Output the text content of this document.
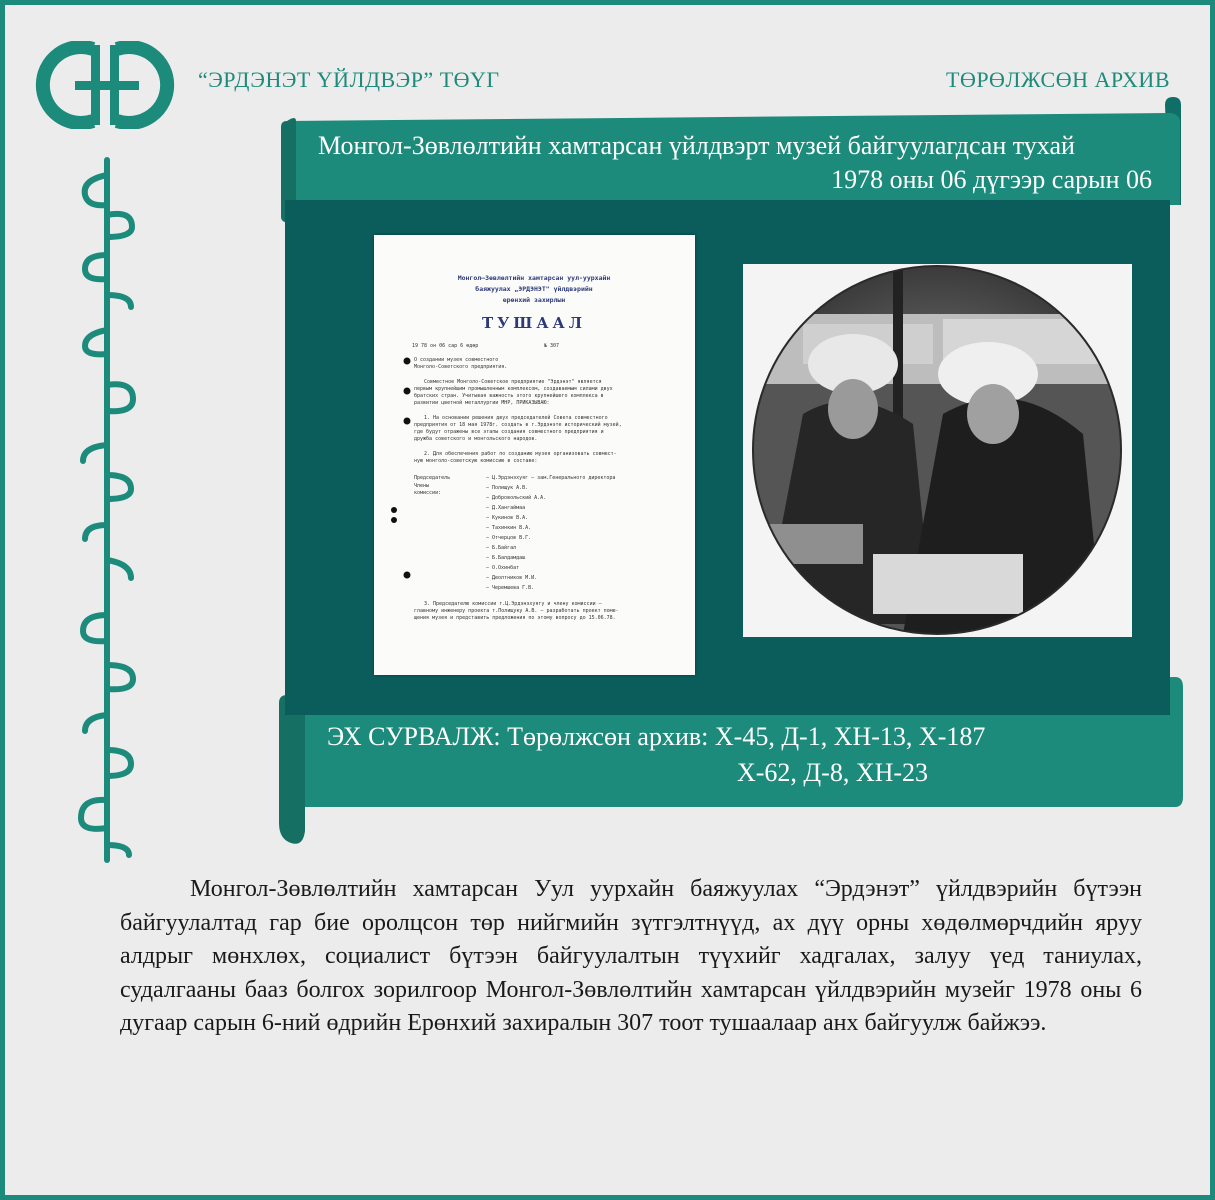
“ЭРДЭНЭТ ҮЙЛДВЭР” ТӨҮГ	ТӨРӨЛЖСӨН АРХИВ
Монгол-Зөвлөлтийн хамтарсан үйлдвэрт музей байгуулагдсан тухай
1978 оны 06 дүгээр сарын 06
Монгол—Зөвлөлтийн хамтарсан уул-уурхайн
баяжуулах „ЭРДЭНЭТ" үйлдвэрийн
ерөнхий захирлын
ТУШААЛ
19 78 он 06 сар 6 өдөр	№ 307
О создании музея совместного
Монголо-Советского предприятия.
Совместное Монголо-Советское предприятие "Эрдэнэт" является
первым крупнейшим промышленным комплексом, создаваемым силами двух
братских стран. Учитывая важность этого крупнейшего комплекса в
развитии цветной металлургии МНР, ПРИКАЗЫВАЮ:
1. На основании решения двух председателей Совета совместного
предприятия от 18 мая 1978г. создать в г.Эрдэнэте исторический музей,
где будут отражены все этапы создания совместного предприятия и
дружба советского и монгольского народов.
2. Для обеспечения работ по созданию музея организовать совмест-
ную монголо-советскую комиссию в составе:
Председатель
Члены
комиссии:
— Ц.Эрдэнэхуяг — зам.Генерального директора
— Полищук А.В.
— Добровольский А.А.
— Д.Хангаймаа
— Кукинов В.А.
— Тахинкин В.А.
— Отчерцов В.Г.
— Б.Байгал
— Б.Балдамдаш
— О.Охинбат
— Деолтников М.И.
— Черемшева Г.В.
3. Председателю комиссии т.Ц.Эрдэнэхуягу и члену комиссии —
главному инженеру проекта т.Полищуку А.В. — разработать проект поме-
щения музея и представить предложения по этому вопросу до 15.06.78.
ЭХ СУРВАЛЖ: Төрөлжсөн архив: Х-45, Д-1, ХН-13, Х-187
Х-62, Д-8, ХН-23
Монгол-Зөвлөлтийн хамтарсан Уул уурхайн баяжуулах “Эрдэнэт” үйлдвэрийн бүтээн байгуулалтад гар бие оролцсон төр нийгмийн зүтгэлтнүүд, ах дүү орны хөдөлмөрчдийн яруу алдрыг мөнхлөх, социалист бүтээн байгуулалтын түүхийг хадгалах, залуу үед таниулах, судалгааны бааз болгох зорилгоор Монгол-Зөвлөлтийн хамтарсан үйлдвэрийн музейг 1978 оны 6 дугаар сарын 6-ний өдрийн Ерөнхий захиралын 307 тоот тушаалаар анх байгуулж байжээ.
